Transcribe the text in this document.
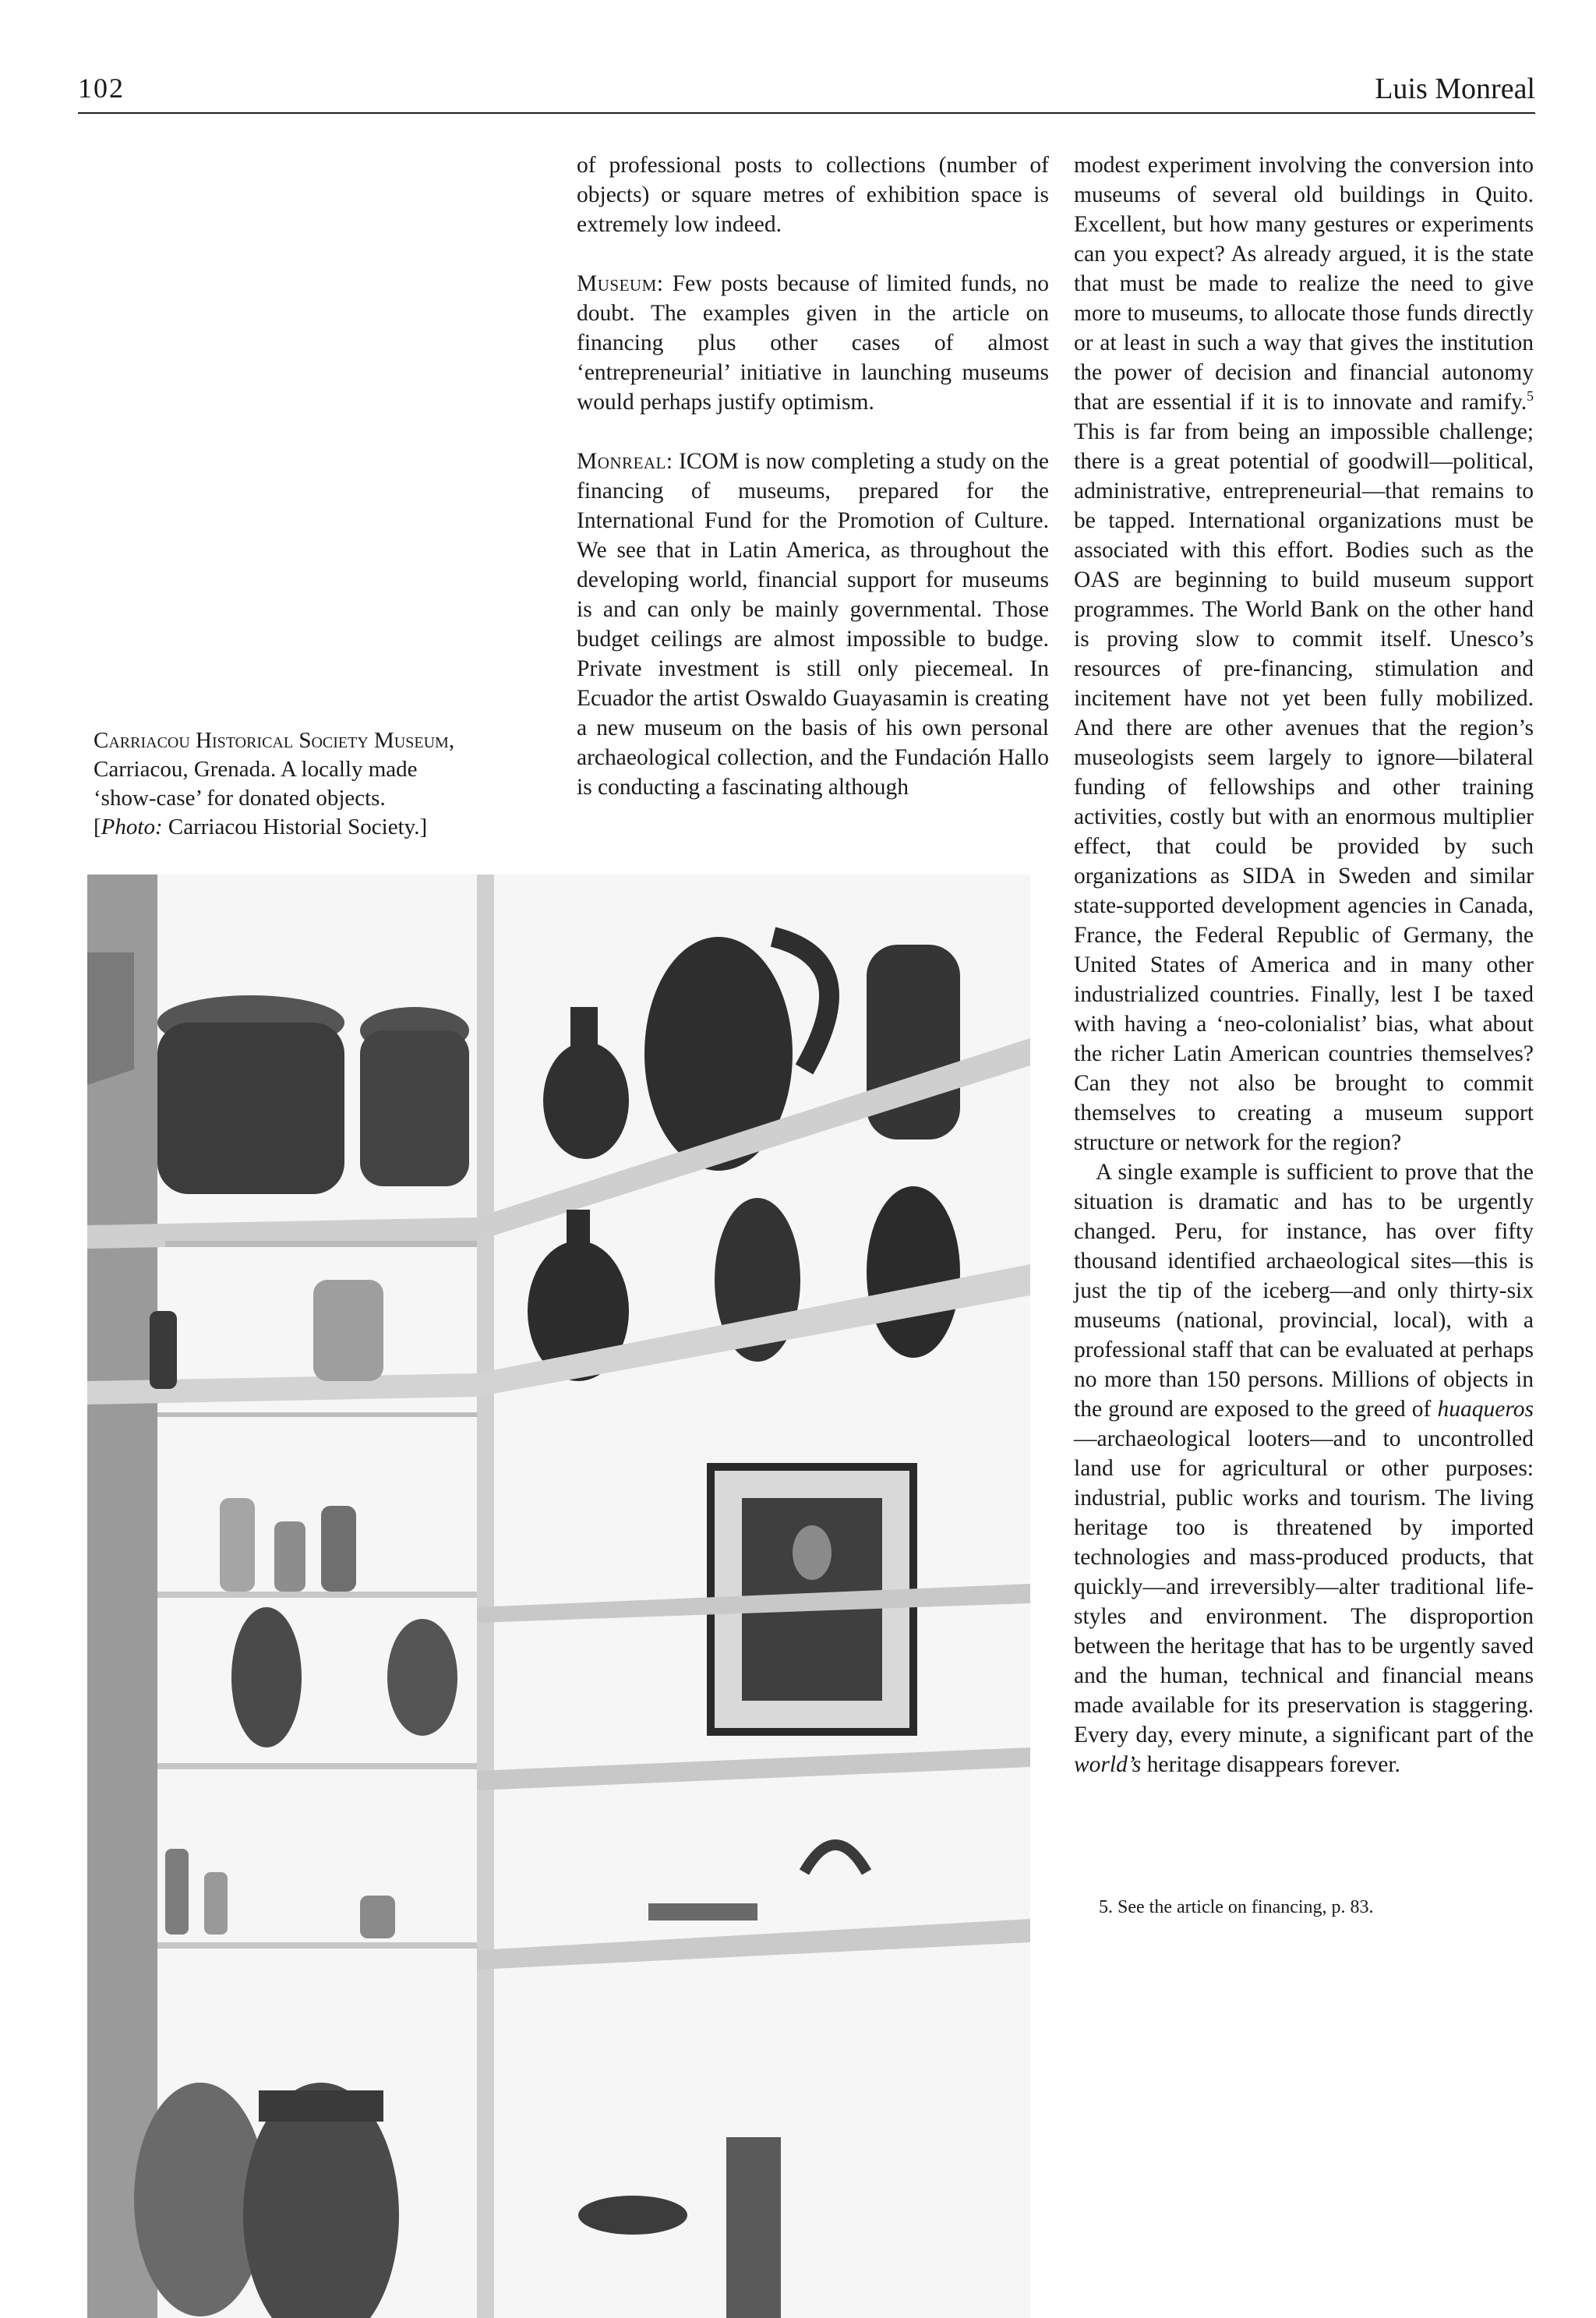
102	Luis Monreal
Carriacou Historical Society Museum,
Carriacou, Grenada. A locally made
‘show-case’ for donated objects.
[Photo: Carriacou Historial Society.]

of professional posts to collections (number of objects) or square metres of exhibition space is extremely low indeed.

Museum: Few posts because of limited funds, no doubt. The examples given in the article on financing plus other cases of almost ‘entrepreneurial’ initiative in launching museums would perhaps justify optimism.

Monreal: ICOM is now completing a study on the financing of museums, prepared for the International Fund for the Promotion of Culture. We see that in Latin America, as throughout the developing world, financial support for museums is and can only be mainly governmental. Those budget ceilings are almost impossible to budge. Private investment is still only piecemeal. In Ecuador the artist Oswaldo Guayasamin is creating a new museum on the basis of his own personal archaeological collection, and the Fundación Hallo is conducting a fascinating although

modest experiment involving the conversion into museums of several old buildings in Quito. Excellent, but how many gestures or experiments can you expect? As already argued, it is the state that must be made to realize the need to give more to museums, to allocate those funds directly or at least in such a way that gives the institution the power of decision and financial autonomy that are essential if it is to innovate and ramify.$^5$ This is far from being an impossible challenge; there is a great potential of goodwill—political, administrative, entrepreneurial—that remains to be tapped. International organizations must be associated with this effort. Bodies such as the OAS are beginning to build museum support programmes. The World Bank on the other hand is proving slow to commit itself. Unesco’s resources of pre-financing, stimulation and incitement have not yet been fully mobilized. And there are other avenues that the region’s museologists seem largely to ignore—bilateral funding of fellowships and other training activities, costly but with an enormous multiplier effect, that could be provided by such organizations as SIDA in Sweden and similar state-supported development agencies in Canada, France, the Federal Republic of Germany, the United States of America and in many other industrialized countries. Finally, lest I be taxed with having a ‘neo-colonialist’ bias, what about the richer Latin American countries themselves? Can they not also be brought to commit themselves to creating a museum support structure or network for the region?

A single example is sufficient to prove that the situation is dramatic and has to be urgently changed. Peru, for instance, has over fifty thousand identified archaeological sites—this is just the tip of the iceberg—and only thirty-six museums (national, provincial, local), with a professional staff that can be evaluated at perhaps no more than 150 persons. Millions of objects in the ground are exposed to the greed of huaqueros—archaeological looters—and to uncontrolled land use for agricultural or other purposes: industrial, public works and tourism. The living heritage too is threatened by imported technologies and mass-produced products, that quickly—and irreversibly—alter traditional life-styles and environment. The disproportion between the heritage that has to be urgently saved and the human, technical and financial means made available for its preservation is staggering. Every day, every minute, a significant part of the world’s heritage disappears forever.

5. See the article on financing, p. 83.
